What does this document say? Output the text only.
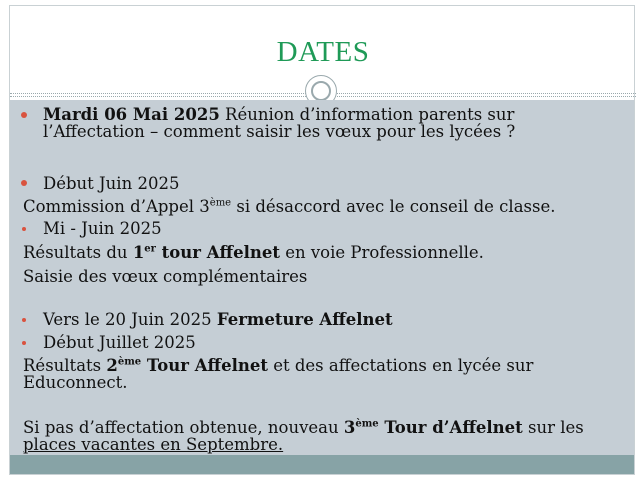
DATES
Mardi 06 Mai 2025 Réunion d’information parents sur
l’Affectation – comment saisir les vœux pour les lycées ?
Début Juin 2025
Commission d’Appel 3ème si désaccord avec le conseil de classe.
Mi - Juin 2025
Résultats du 1er tour Affelnet en voie Professionnelle.
Saisie des vœux complémentaires
Vers le 20 Juin 2025 Fermeture Affelnet
Début Juillet 2025
Résultats 2ème Tour Affelnet et des affectations en lycée sur
Educonnect.
Si pas d’affectation obtenue, nouveau 3ème Tour d’Affelnet sur les
places vacantes en Septembre.
